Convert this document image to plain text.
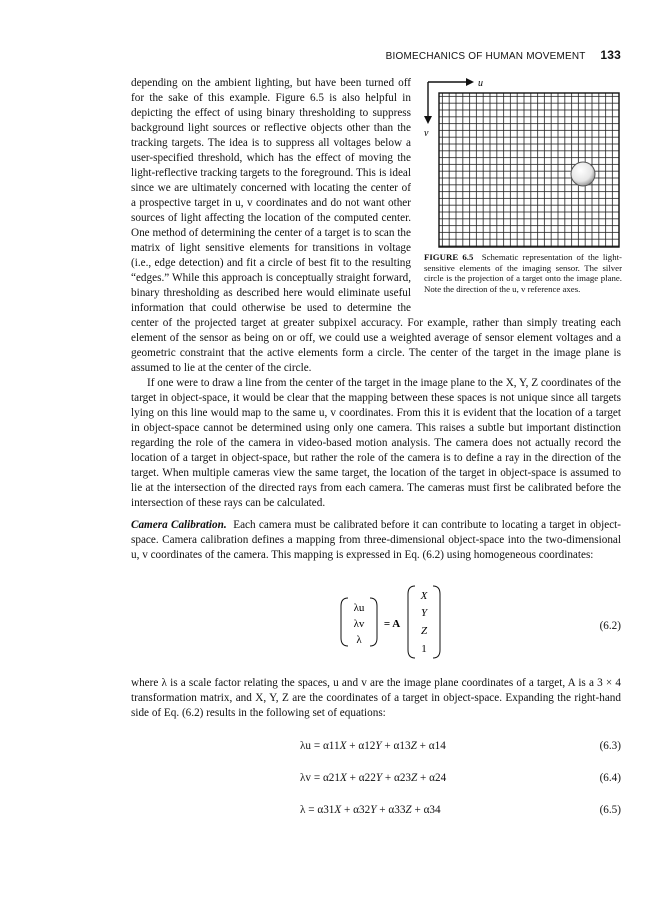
BIOMECHANICS OF HUMAN MOVEMENT 133

depending on the ambient lighting, but have been turned off for the sake of this example. Figure 6.5 is also helpful in depicting the effect of using binary thresholding to suppress background light sources or reflective objects other than the tracking targets. The idea is to suppress all voltages below a user-specified threshold, which has the effect of moving the light-reflective tracking targets to the foreground. This is ideal since we are ultimately concerned with locating the center of a prospective target in u, v coordinates and do not want other sources of light affecting the location of the computed center. One method of determining the center of a target is to scan the matrix of light sensitive elements for transitions in voltage (i.e., edge detection) and fit a circle of best fit to the resulting “edges.” While this approach is conceptually straight forward, binary thresholding as described here would eliminate useful information that could otherwise be used to determine the center of the projected target at greater subpixel accuracy. For example, rather than simply treating each element of the sensor as being on or off, we could use a weighted average of sensor element voltages and a geometric constraint that the active elements form a circle. The center of the target in the image plane is assumed to lie at the center of the circle.

If one were to draw a line from the center of the target in the image plane to the X, Y, Z coordinates of the target in object-space, it would be clear that the mapping between these spaces is not unique since all targets lying on this line would map to the same u, v coordinates. From this it is evident that the location of a target in object-space cannot be determined using only one camera. This raises a subtle but important distinction regarding the role of the camera in video-based motion analysis. The camera does not actually record the location of a target in object-space, but rather the role of the camera is to define a ray in the direction of the target. When multiple cameras view the same target, the location of the target in object-space is assumed to lie at the intersection of the directed rays from each camera. The cameras must first be calibrated before the intersection of these rays can be calculated.

u
v
FIGURE 6.5 Schematic representation of the light-sensitive elements of the imaging sensor. The silver circle is the projection of a target onto the image plane. Note the direction of the u, v reference axes.

Camera Calibration. Each camera must be calibrated before it can contribute to locating a target in object-space. Camera calibration defines a mapping from three-dimensional object-space into the two-dimensional u, v coordinates of the camera. This mapping is expressed in Eq. (6.2) using homogeneous coordinates:

λu
λv
λ
= A
X
Y
Z
1
(6.2)

where λ is a scale factor relating the spaces, u and v are the image plane coordinates of a target, A is a 3 × 4 transformation matrix, and X, Y, Z are the coordinates of a target in object-space. Expanding the right-hand side of Eq. (6.2) results in the following set of equations:

λu = α11X + α12Y + α13Z + α14	(6.3)
λv = α21X + α22Y + α23Z + α24	(6.4)
λ = α31X + α32Y + α33Z + α34	(6.5)
